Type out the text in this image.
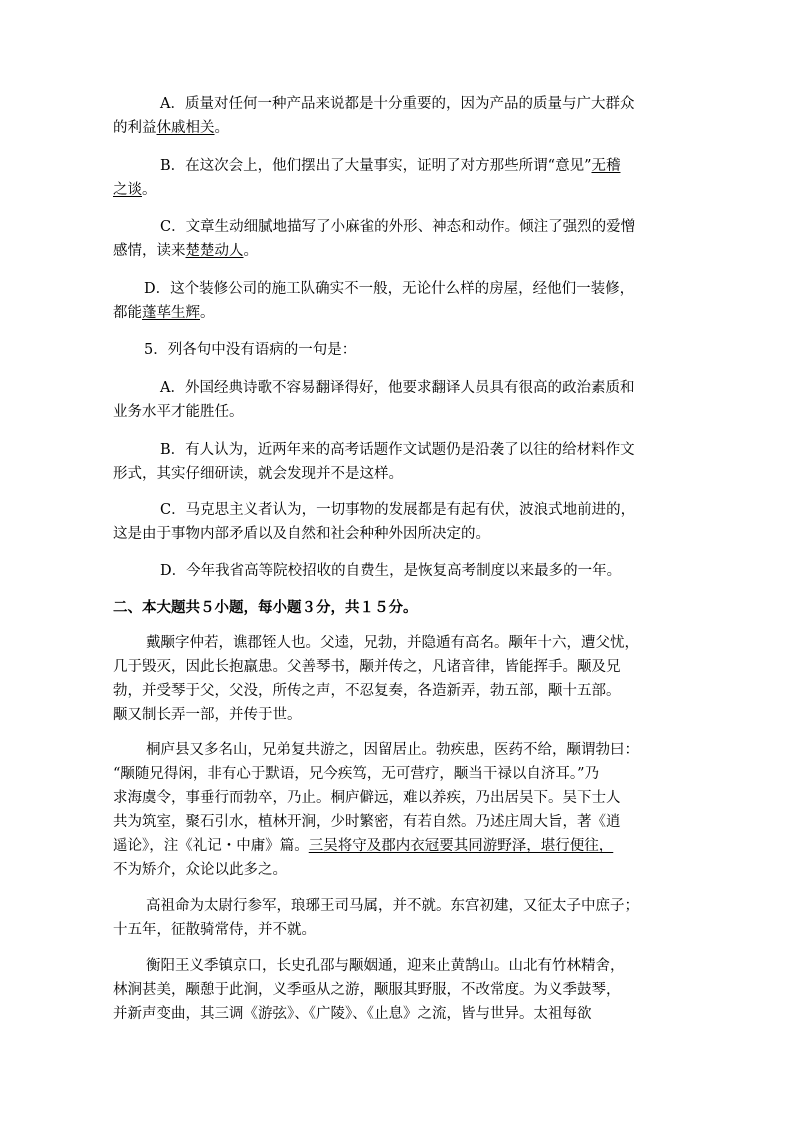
A．质量对任何一种产品来说都是十分重要的，因为产品的质量与广大群众
的利益休戚相关。
B．在这次会上，他们摆出了大量事实，证明了对方那些所谓“意见”无稽
之谈。
C．文章生动细腻地描写了小麻雀的外形、神态和动作。倾注了强烈的爱憎
感情，读来楚楚动人。
D．这个装修公司的施工队确实不一般，无论什么样的房屋，经他们一装修，
都能蓬荜生辉。
5．列各句中没有语病的一句是：
A．外国经典诗歌不容易翻译得好，他要求翻译人员具有很高的政治素质和
业务水平才能胜任。
B．有人认为，近两年来的高考话题作文试题仍是沿袭了以往的给材料作文
形式，其实仔细研读，就会发现并不是这样。
C．马克思主义者认为，一切事物的发展都是有起有伏，波浪式地前进的，
这是由于事物内部矛盾以及自然和社会种种外因所决定的。
D．今年我省高等院校招收的自费生，是恢复高考制度以来最多的一年。
二、本大题共５小题，每小题３分，共１５分。
戴颙字仲若，谯郡铚人也。父逵，兄勃，并隐遁有高名。颙年十六，遭父忧，
几于毁灭，因此长抱羸患。父善琴书，颙并传之，凡诸音律，皆能挥手。颙及兄
勃，并受琴于父，父没，所传之声，不忍复奏，各造新弄，勃五部，颙十五部。
颙又制长弄一部，并传于世。
桐庐县又多名山，兄弟复共游之，因留居止。勃疾患，医药不给，颙谓勃曰：
“颙随兄得闲，非有心于默语，兄今疾笃，无可营疗，颙当干禄以自济耳。”乃
求海虞令，事垂行而勃卒，乃止。桐庐僻远，难以养疾，乃出居吴下。吴下士人
共为筑室，聚石引水，植林开涧，少时繁密，有若自然。乃述庄周大旨，著《逍
遥论》，注《礼记・中庸》篇。三吴将守及郡内衣冠要其同游野泽，堪行便往，
不为矫介，众论以此多之。
高祖命为太尉行参军，琅琊王司马属，并不就。东宫初建，又征太子中庶子；
十五年，征散骑常侍，并不就。
衡阳王义季镇京口，长史孔邵与颙姻通，迎来止黄鹄山。山北有竹林精舍，
林涧甚美，颙憩于此涧，义季亟从之游，颙服其野服，不改常度。为义季鼓琴，
并新声变曲，其三调《游弦》、《广陵》、《止息》之流，皆与世异。太祖每欲
